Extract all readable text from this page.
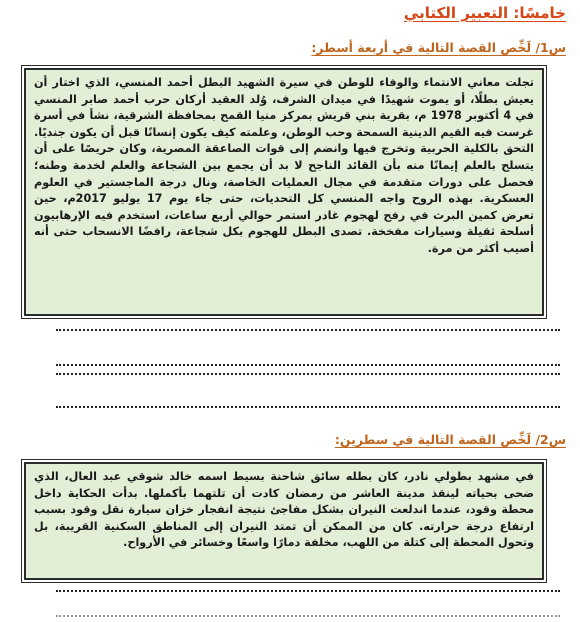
خامسًا: التعبير الكتابي
س1/ لَخِّص القصة التالية في أربعة أسطر:
تجلت معاني الانتماء والوفاء للوطن في سيرة الشهيد البطل أحمد المنسي، الذي اختار أن يعيش بطلًا، أو يموت شهيدًا في ميدان الشرف، وُلد العقيد أركان حرب أحمد صابر المنسي في 4 أكتوبر 1978 م، بقرية بني قريش بمركز منيا القمح بمحافظة الشرقية، نشأ في أسرة غرست فيه القيم الدينية السمحة وحب الوطن، وعلمته كيف يكون إنسانًا قبل أن يكون جنديًا. التحق بالكلية الحربية وتخرج فيها وانضم إلى قوات الصاعقة المصرية، وكان حريصًا على أن يتسلح بالعلم إيمانًا منه بأن القائد الناجح لا بد أن يجمع بين الشجاعة والعلم لخدمة وطنه؛ فحصل على دورات متقدمة في مجال العمليات الخاصة، ونال درجة الماجستير في العلوم العسكرية. بهذه الروح واجه المنسي كل التحديات، حتى جاء يوم 17 يوليو 2017م، حين تعرض كمين البرث في رفح لهجوم غادر استمر حوالي أربع ساعات، استخدم فيه الإرهابيون أسلحة ثقيلة وسيارات مفخخة. تصدى البطل للهجوم بكل شجاعة، رافضًا الانسحاب حتى أنه أصيب أكثر من مرة.
س2/ لَخِّص القصة التالية في سطرين:
في مشهد بطولي نادر، كان بطله سائق شاحنة بسيط اسمه خالد شوقي عبد العال، الذي ضحى بحياته لينقذ مدينة العاشر من رمضان كادت أن تلتهما بأكملها. بدأت الحكاية داخل محطة وقود، عندما اندلعت النيران بشكل مفاجئ نتيجة انفجار خزان سيارة نقل وقود بسبب ارتفاع درجة حرارته. كان من الممكن أن تمتد النيران إلى المناطق السكنية القريبة، بل وتحول المحطة إلى كتلة من اللهب، مخلفة دمارًا واسعًا وخسائر في الأرواح.
